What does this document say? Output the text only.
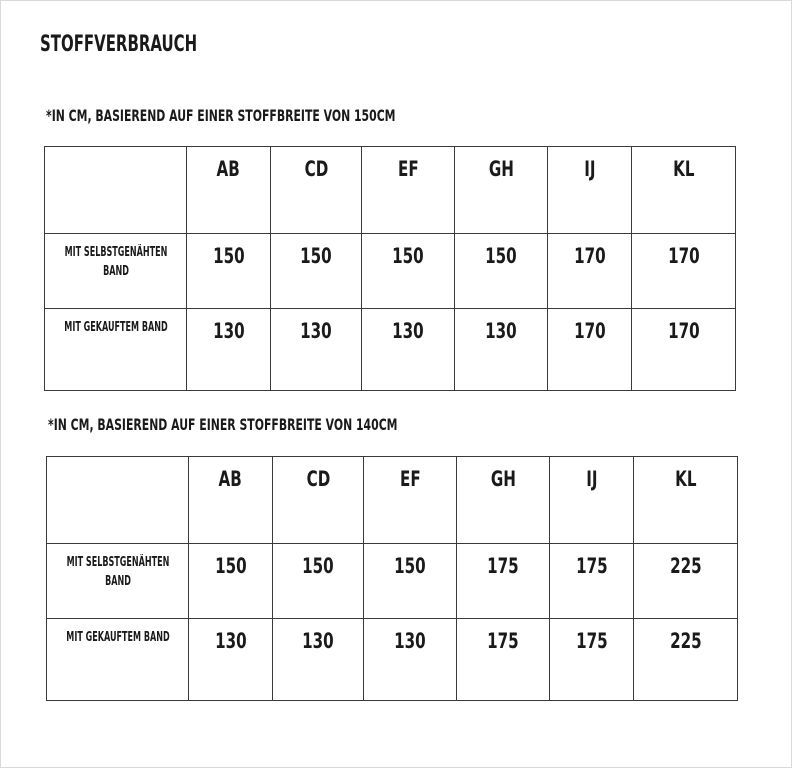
STOFFVERBRAUCH
*IN CM, BASIEREND AUF EINER STOFFBREITE VON 150CM
	AB	CD	EF	GH	IJ	KL

MIT SELBSTGENÄHTEN BAND	150	150	150	150	170	170

MIT GEKAUFTEM BAND	130	130	130	130	170	170
*IN CM, BASIEREND AUF EINER STOFFBREITE VON 140CM
	AB	CD	EF	GH	IJ	KL

MIT SELBSTGENÄHTEN BAND	150	150	150	175	175	225

MIT GEKAUFTEM BAND	130	130	130	175	175	225
